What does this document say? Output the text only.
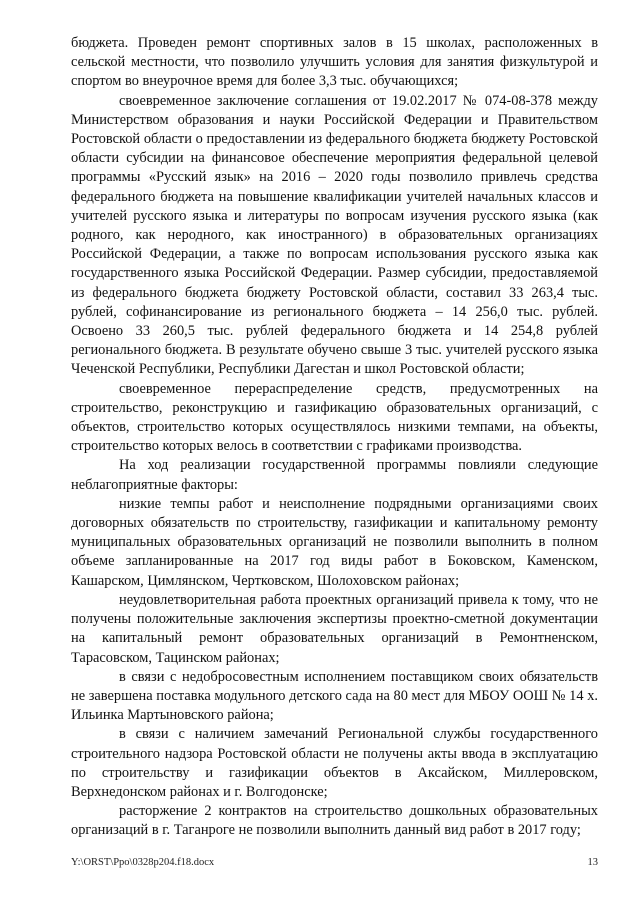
бюджета. Проведен ремонт спортивных залов в 15 школах, расположенных в сельской местности, что позволило улучшить условия для занятия физкультурой и спортом во внеурочное время для более 3,3 тыс. обучающихся;

своевременное заключение соглашения от 19.02.2017 № 074-08-378 между Министерством образования и науки Российской Федерации и Правительством Ростовской области о предоставлении из федерального бюджета бюджету Ростовской области субсидии на финансовое обеспечение мероприятия федеральной целевой программы «Русский язык» на 2016 – 2020 годы позволило привлечь средства федерального бюджета на повышение квалификации учителей начальных классов и учителей русского языка и литературы по вопросам изучения русского языка (как родного, как неродного, как иностранного) в образовательных организациях Российской Федерации, а также по вопросам использования русского языка как государственного языка Российской Федерации. Размер субсидии, предоставляемой из федерального бюджета бюджету Ростовской области, составил 33 263,4 тыс. рублей, софинансирование из регионального бюджета – 14 256,0 тыс. рублей. Освоено 33 260,5 тыс. рублей федерального бюджета и 14 254,8 рублей регионального бюджета. В результате обучено свыше 3 тыс. учителей русского языка Чеченской Республики, Республики Дагестан и школ Ростовской области;

своевременное перераспределение средств, предусмотренных на строительство, реконструкцию и газификацию образовательных организаций, с объектов, строительство которых осуществлялось низкими темпами, на объекты, строительство которых велось в соответствии с графиками производства.

На ход реализации государственной программы повлияли следующие неблагоприятные факторы:

низкие темпы работ и неисполнение подрядными организациями своих договорных обязательств по строительству, газификации и капитальному ремонту муниципальных образовательных организаций не позволили выполнить в полном объеме запланированные на 2017 год виды работ в Боковском, Каменском, Кашарском, Цимлянском, Чертковском, Шолоховском районах;

неудовлетворительная работа проектных организаций привела к тому, что не получены положительные заключения экспертизы проектно-сметной документации на капитальный ремонт образовательных организаций в Ремонтненском, Тарасовском, Тацинском районах;

в связи с недобросовестным исполнением поставщиком своих обязательств не завершена поставка модульного детского сада на 80 мест для МБОУ ООШ № 14 х. Ильинка Мартыновского района;

в связи с наличием замечаний Региональной службы государственного строительного надзора Ростовской области не получены акты ввода в эксплуатацию по строительству и газификации объектов в Аксайском, Миллеровском, Верхнедонском районах и г. Волгодонске;

расторжение 2 контрактов на строительство дошкольных образовательных организаций в г. Таганроге не позволили выполнить данный вид работ в 2017 году;

Y:\ORST\Ppo\0328p204.f18.docx	13
